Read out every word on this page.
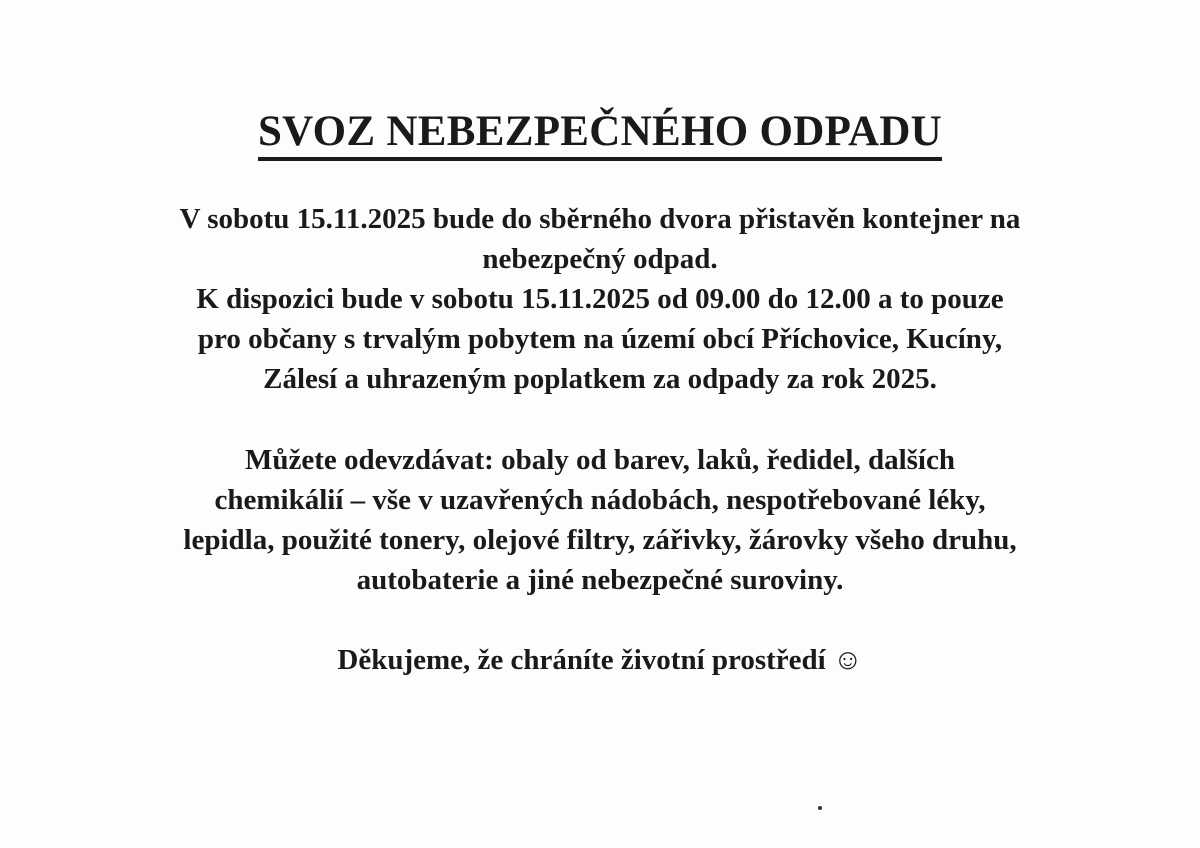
SVOZ NEBEZPEČNÉHO ODPADU
V sobotu 15.11.2025 bude do sběrného dvora přistavěn kontejner na
nebezpečný odpad.
K dispozici bude v sobotu 15.11.2025 od 09.00 do 12.00 a to pouze
pro občany s trvalým pobytem na území obcí Příchovice, Kucíny,
Zálesí a uhrazeným poplatkem za odpady za rok 2025.
Můžete odevzdávat: obaly od barev, laků, ředidel, dalších
chemikálií – vše v uzavřených nádobách, nespotřebované léky,
lepidla, použité tonery, olejové filtry, zářivky, žárovky všeho druhu,
autobaterie a jiné nebezpečné suroviny.
Děkujeme, že chráníte životní prostředí ☺
